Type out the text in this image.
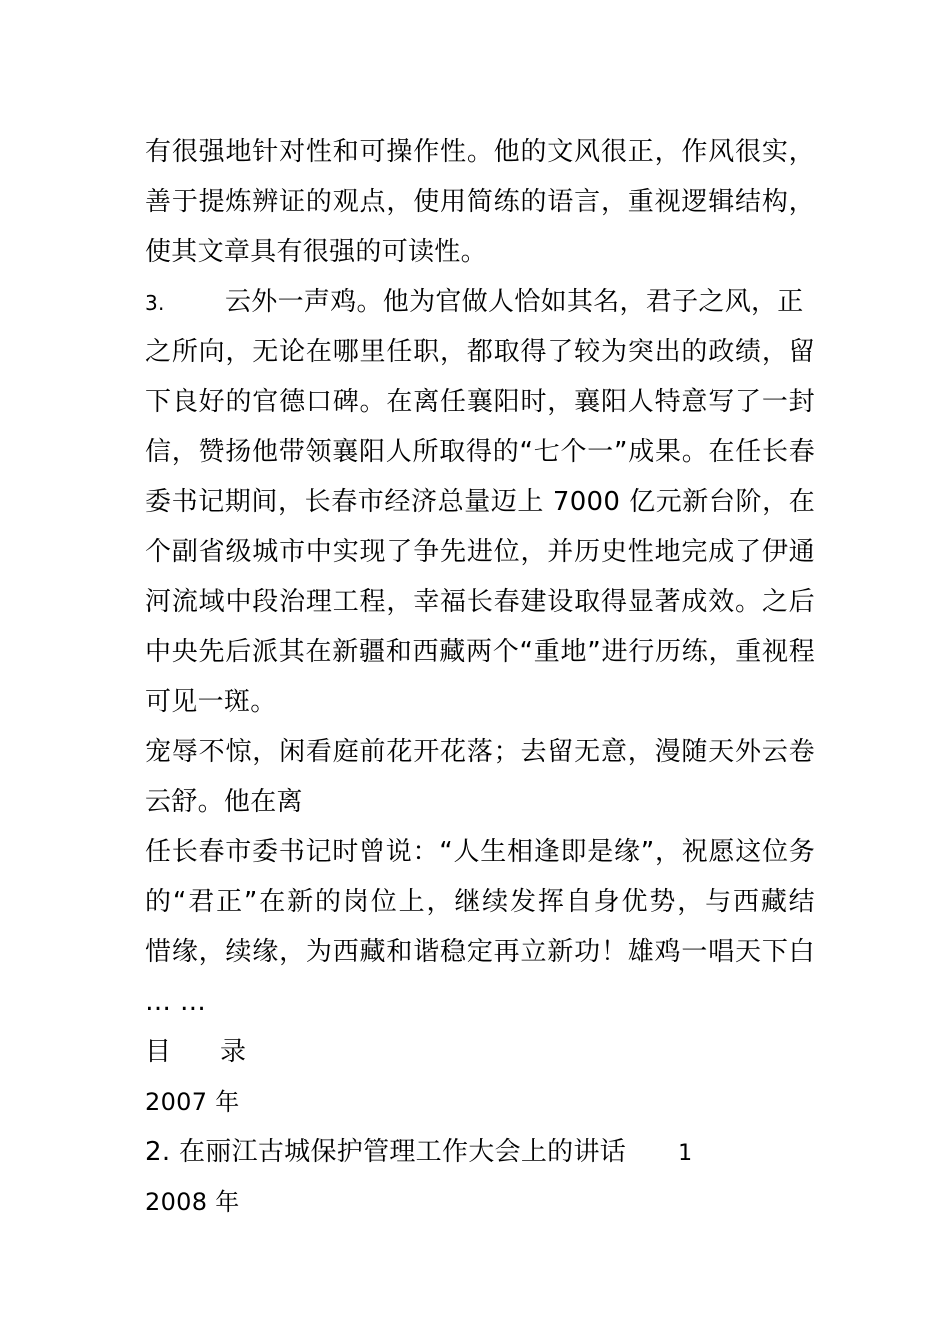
有很强地针对性和可操作性。他的文风很正，作风很实，
善于提炼辨证的观点，使用简练的语言，重视逻辑结构，
使其文章具有很强的可读性。
3. 云外一声鸡。他为官做人恰如其名，君子之风，正
之所向，无论在哪里任职，都取得了较为突出的政绩，留
下良好的官德口碑。在离任襄阳时，襄阳人特意写了一封
信，赞扬他带领襄阳人所取得的“七个一”成果。在任长春
委书记期间，长春市经济总量迈上 7000 亿元新台阶，在
个副省级城市中实现了争先进位，并历史性地完成了伊通
河流域中段治理工程，幸福长春建设取得显著成效。之后
中央先后派其在新疆和西藏两个“重地”进行历练，重视程
可见一斑。
宠辱不惊，闲看庭前花开花落；去留无意，漫随天外云卷
云舒。他在离
任长春市委书记时曾说：“人生相逢即是缘”，祝愿这位务
的“君正”在新的岗位上，继续发挥自身优势，与西藏结
惜缘，续缘，为西藏和谐稳定再立新功！雄鸡一唱天下白
… …
目 录
2007 年
2. 在丽江古城保护管理工作大会上的讲话 1
2008 年
